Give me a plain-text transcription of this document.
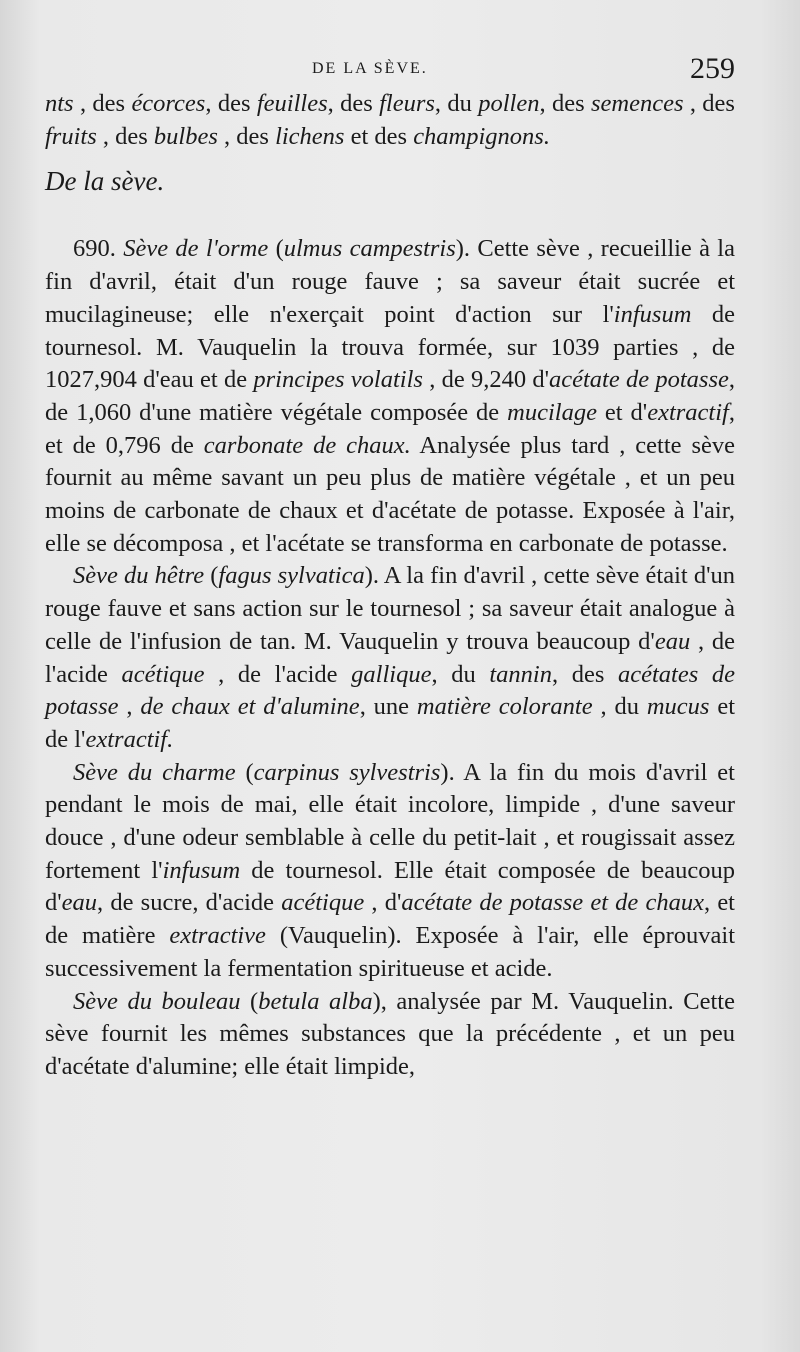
DE LA SÈVE.	259

nts , des écorces, des feuilles, des fleurs, du pollen, des semences , des fruits , des bulbes , des lichens et des champignons.

De la sève.

690. Sève de l'orme (ulmus campestris). Cette sève , recueillie à la fin d'avril, était d'un rouge fauve ; sa saveur était sucrée et mucilagineuse; elle n'exerçait point d'action sur l'infusum de tournesol. M. Vauquelin la trouva formée, sur 1039 parties , de 1027,904 d'eau et de principes volatils , de 9,240 d'acétate de potasse, de 1,060 d'une matière végétale composée de mucilage et d'extractif, et de 0,796 de carbonate de chaux. Analysée plus tard , cette sève fournit au même savant un peu plus de matière végétale , et un peu moins de carbonate de chaux et d'acétate de potasse. Exposée à l'air, elle se décomposa , et l'acétate se transforma en carbonate de potasse.

Sève du hêtre (fagus sylvatica). A la fin d'avril , cette sève était d'un rouge fauve et sans action sur le tournesol ; sa saveur était analogue à celle de l'infusion de tan. M. Vauquelin y trouva beaucoup d'eau , de l'acide acétique , de l'acide gallique, du tannin, des acétates de potasse , de chaux et d'alumine, une matière colorante , du mucus et de l'extractif.

Sève du charme (carpinus sylvestris). A la fin du mois d'avril et pendant le mois de mai, elle était incolore, limpide , d'une saveur douce , d'une odeur semblable à celle du petit-lait , et rougissait assez fortement l'infusum de tournesol. Elle était composée de beaucoup d'eau, de sucre, d'acide acétique , d'acétate de potasse et de chaux, et de matière extractive (Vauquelin). Exposée à l'air, elle éprouvait successivement la fermentation spiritueuse et acide.

Sève du bouleau (betula alba), analysée par M. Vauquelin. Cette sève fournit les mêmes substances que la précédente , et un peu d'acétate d'alumine; elle était limpide,
